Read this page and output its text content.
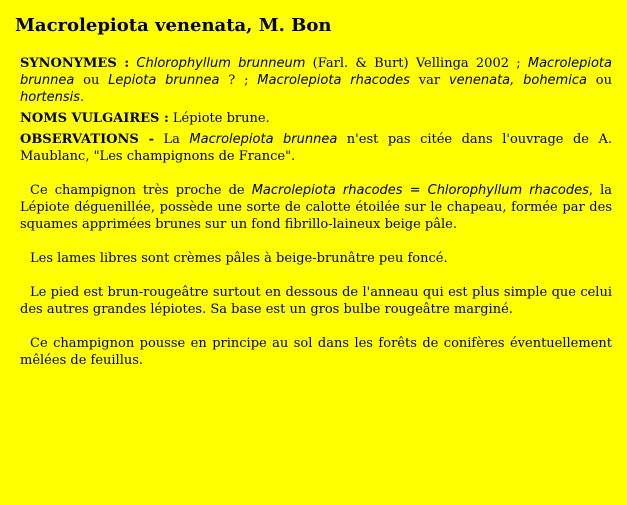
Macrolepiota venenata, M. Bon

SYNONYMES : Chlorophyllum brunneum (Farl. & Burt) Vellinga 2002 ; Macrolepiota brunnea ou Lepiota brunnea ? ; Macrolepiota rhacodes var venenata, bohemica ou hortensis.

NOMS VULGAIRES : Lépiote brune.

OBSERVATIONS - La Macrolepiota brunnea n'est pas citée dans l'ouvrage de A. Maublanc, "Les champignons de France".

Ce champignon très proche de Macrolepiota rhacodes = Chlorophyllum rhacodes, la Lépiote déguenillée, possède une sorte de calotte étoilée sur le chapeau, formée par des squames apprimées brunes sur un fond fibrillo-laineux beige pâle.

Les lames libres sont crèmes pâles à beige-brunâtre peu foncé.

Le pied est brun-rougeâtre surtout en dessous de l'anneau qui est plus simple que celui des autres grandes lépiotes. Sa base est un gros bulbe rougeâtre marginé.

Ce champignon pousse en principe au sol dans les forêts de conifères éventuellement mêlées de feuillus.
